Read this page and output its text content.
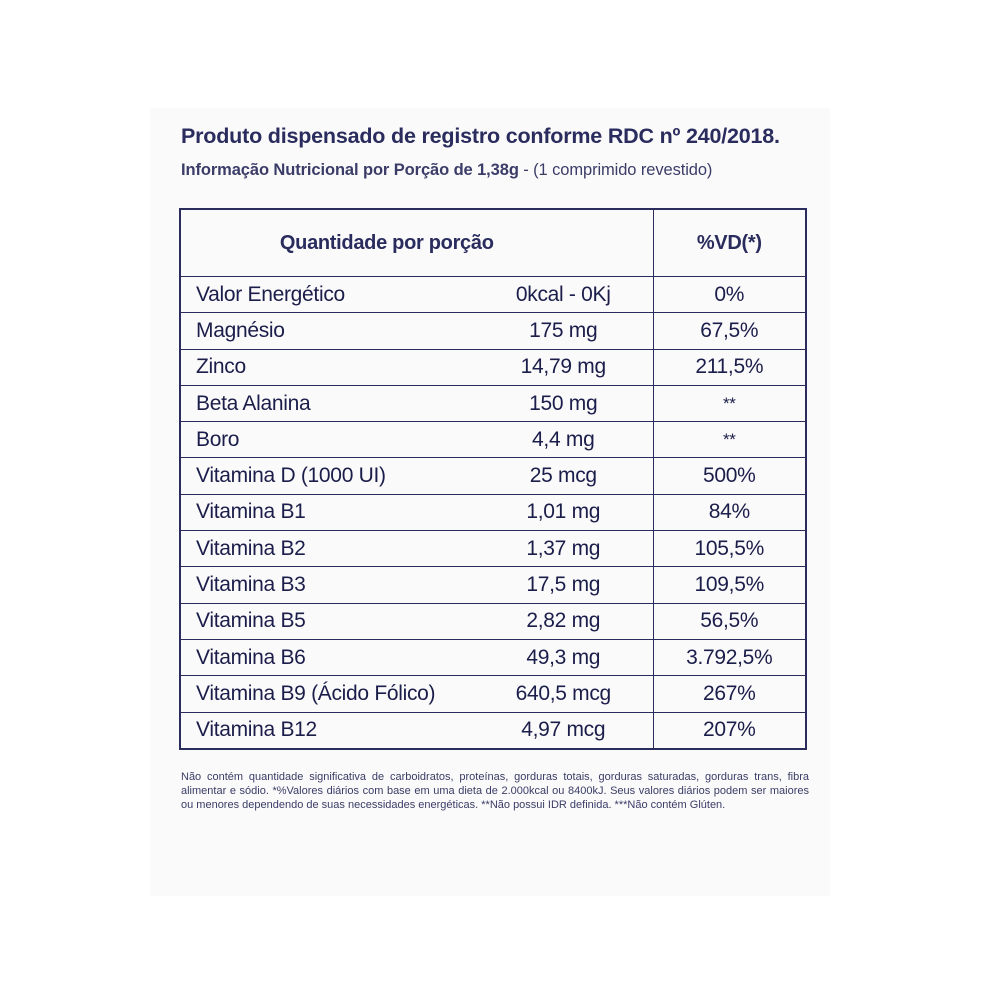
Produto dispensado de registro conforme RDC nº 240/2018.
Informação Nutricional por Porção de 1,38g - (1 comprimido revestido)
Quantidade por porção		%VD(*)
Valor Energético	0kcal - 0Kj	0%
Magnésio	175 mg	67,5%
Zinco	14,79 mg	211,5%
Beta Alanina	150 mg	**
Boro	4,4 mg	**
Vitamina D (1000 UI)	25 mcg	500%
Vitamina B1	1,01 mg	84%
Vitamina B2	1,37 mg	105,5%
Vitamina B3	17,5 mg	109,5%
Vitamina B5	2,82 mg	56,5%
Vitamina B6	49,3 mg	3.792,5%
Vitamina B9 (Ácido Fólico)	640,5 mcg	267%
Vitamina B12	4,97 mcg	207%
Não contém quantidade significativa de carboidratos, proteínas, gorduras totais, gorduras saturadas, gorduras trans, fibra alimentar e sódio. *%Valores diários com base em uma dieta de 2.000kcal ou 8400kJ. Seus valores diários podem ser maiores ou menores dependendo de suas necessidades energéticas. **Não possui IDR definida. ***Não contém Glúten.
